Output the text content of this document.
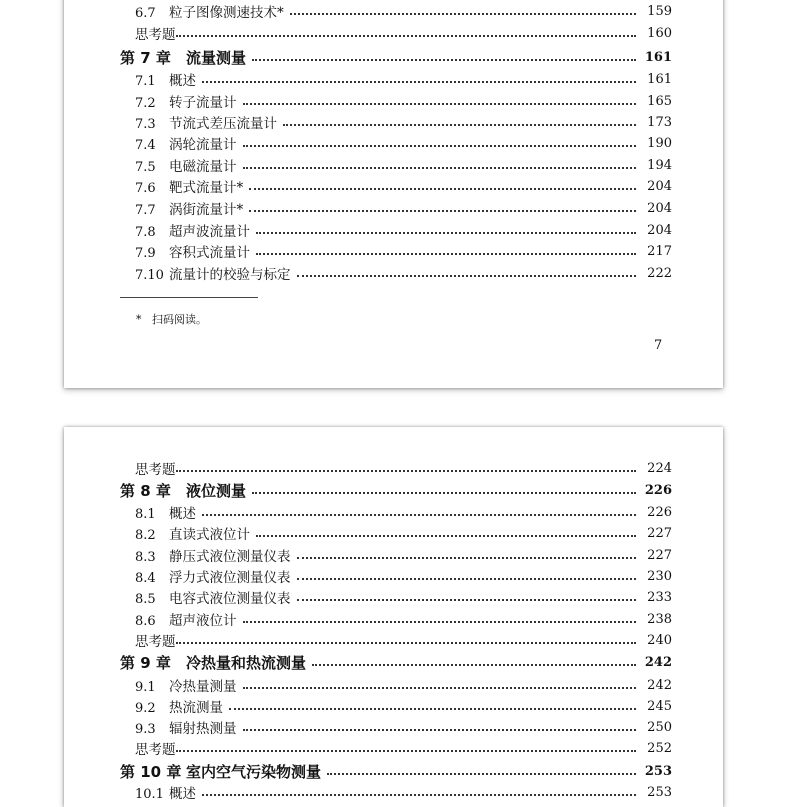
6.7 粒子图像测速技术*	159
思考题	160
第 7 章 流量测量	161
7.1 概述	161
7.2 转子流量计	165
7.3 节流式差压流量计	173
7.4 涡轮流量计	190
7.5 电磁流量计	194
7.6 靶式流量计*	204
7.7 涡街流量计*	204
7.8 超声波流量计	204
7.9 容积式流量计	217
7.10 流量计的校验与标定	222
* 扫码阅读。
7
思考题	224
第 8 章 液位测量	226
8.1 概述	226
8.2 直读式液位计	227
8.3 静压式液位测量仪表	227
8.4 浮力式液位测量仪表	230
8.5 电容式液位测量仪表	233
8.6 超声液位计	238
思考题	240
第 9 章 冷热量和热流测量	242
9.1 冷热量测量	242
9.2 热流测量	245
9.3 辐射热测量	250
思考题	252
第 10 章 室内空气污染物测量	253
10.1 概述	253
